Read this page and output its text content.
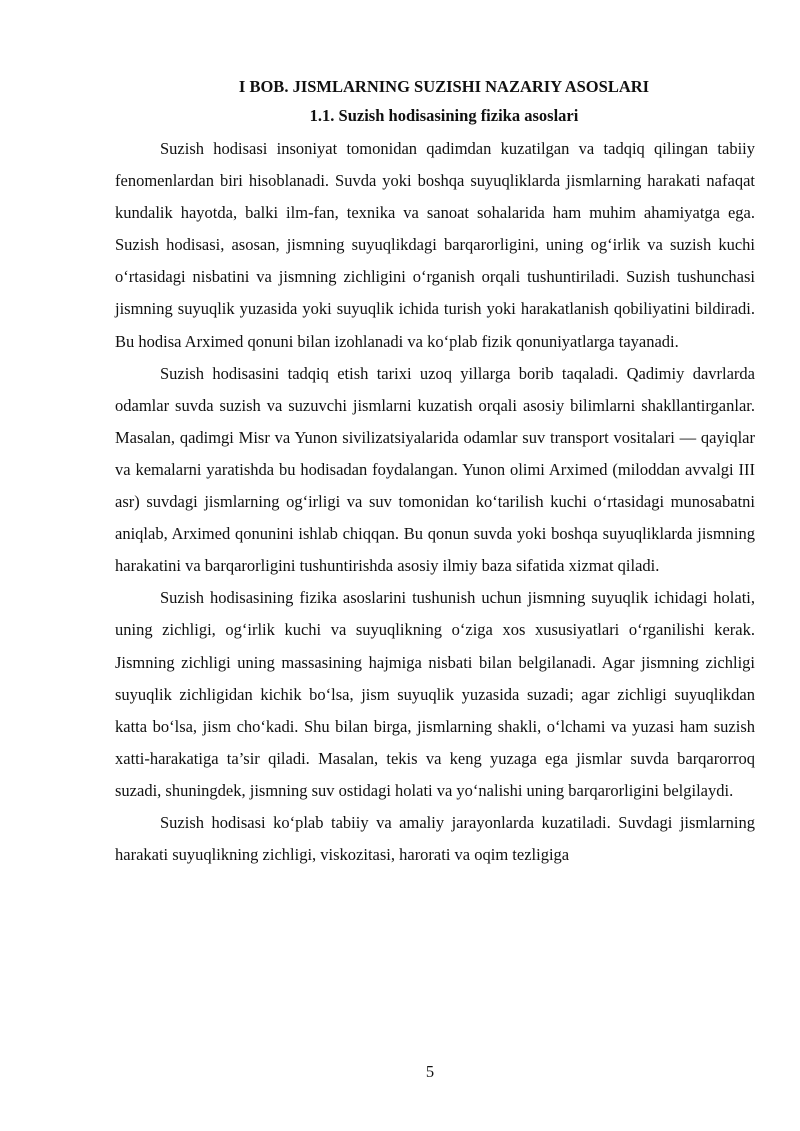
I BOB. JISMLARNING SUZISHI NAZARIY ASOSLARI
1.1. Suzish hodisasining fizika asoslari

Suzish hodisasi insoniyat tomonidan qadimdan kuzatilgan va tadqiq qilingan tabiiy fenomenlardan biri hisoblanadi. Suvda yoki boshqa suyuqliklarda jismlarning harakati nafaqat kundalik hayotda, balki ilm-fan, texnika va sanoat sohalarida ham muhim ahamiyatga ega. Suzish hodisasi, asosan, jismning suyuqlikdagi barqarorligini, uning og‘irlik va suzish kuchi o‘rtasidagi nisbatini va jismning zichligini o‘rganish orqali tushuntiriladi. Suzish tushunchasi jismning suyuqlik yuzasida yoki suyuqlik ichida turish yoki harakatlanish qobiliyatini bildiradi. Bu hodisa Arximed qonuni bilan izohlanadi va ko‘plab fizik qonuniyatlarga tayanadi.

Suzish hodisasini tadqiq etish tarixi uzoq yillarga borib taqaladi. Qadimiy davrlarda odamlar suvda suzish va suzuvchi jismlarni kuzatish orqali asosiy bilimlarni shakllantirganlar. Masalan, qadimgi Misr va Yunon sivilizatsiyalarida odamlar suv transport vositalari — qayiqlar va kemalarni yaratishda bu hodisadan foydalangan. Yunon olimi Arximed (miloddan avvalgi III asr) suvdagi jismlarning og‘irligi va suv tomonidan ko‘tarilish kuchi o‘rtasidagi munosabatni aniqlab, Arximed qonunini ishlab chiqqan. Bu qonun suvda yoki boshqa suyuqliklarda jismning harakatini va barqarorligini tushuntirishda asosiy ilmiy baza sifatida xizmat qiladi.

Suzish hodisasining fizika asoslarini tushunish uchun jismning suyuqlik ichidagi holati, uning zichligi, og‘irlik kuchi va suyuqlikning o‘ziga xos xususiyatlari o‘rganilishi kerak. Jismning zichligi uning massasining hajmiga nisbati bilan belgilanadi. Agar jismning zichligi suyuqlik zichligidan kichik bo‘lsa, jism suyuqlik yuzasida suzadi; agar zichligi suyuqlikdan katta bo‘lsa, jism cho‘kadi. Shu bilan birga, jismlarning shakli, o‘lchami va yuzasi ham suzish xatti-harakatiga ta’sir qiladi. Masalan, tekis va keng yuzaga ega jismlar suvda barqarorroq suzadi, shuningdek, jismning suv ostidagi holati va yo‘nalishi uning barqarorligini belgilaydi.

Suzish hodisasi ko‘plab tabiiy va amaliy jarayonlarda kuzatiladi. Suvdagi jismlarning harakati suyuqlikning zichligi, viskozitasi, harorati va oqim tezligiga

5
